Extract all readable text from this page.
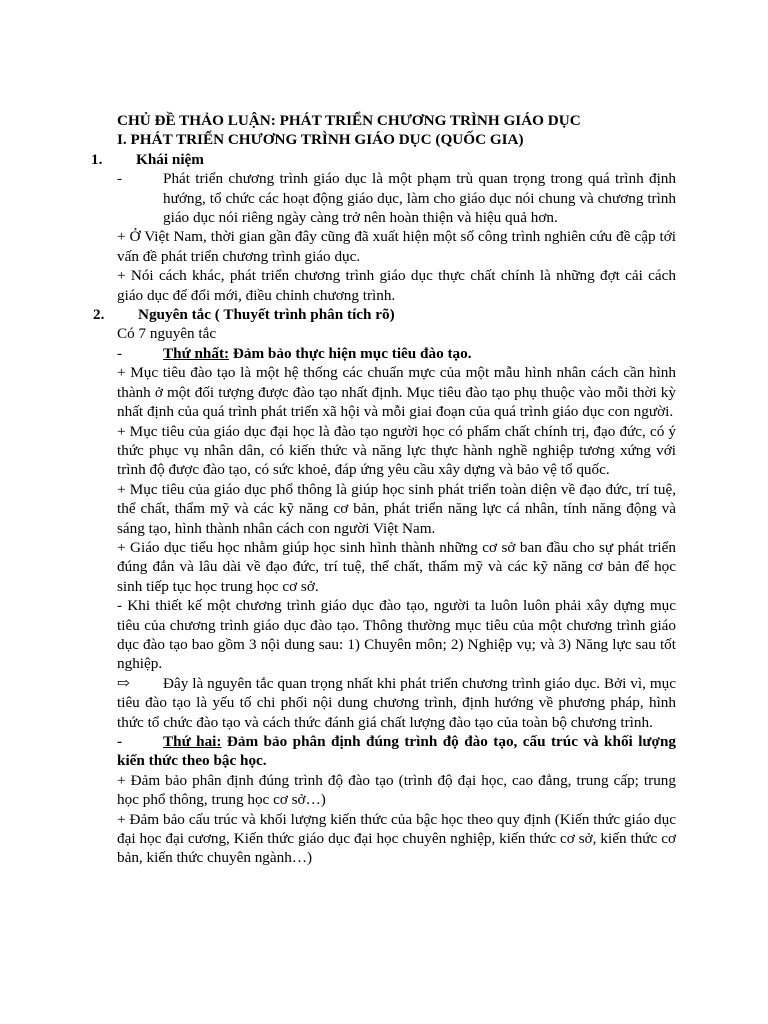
CHỦ ĐỀ THẢO LUẬN: PHÁT TRIỂN CHƯƠNG TRÌNH GIÁO DỤC

I. PHÁT TRIỂN CHƯƠNG TRÌNH GIÁO DỤC (QUỐC GIA)

1. Khái niệm

-	Phát triển chương trình giáo dục là một phạm trù quan trọng trong quá trình định hướng, tổ chức các hoạt động giáo dục, làm cho giáo dục nói chung và chương trình giáo dục nói riêng ngày càng trở nên hoàn thiện và hiệu quả hơn.

+ Ở Việt Nam, thời gian gần đây cũng đã xuất hiện một số công trình nghiên cứu đề cập tới vấn đề phát triển chương trình giáo dục.

+ Nói cách khác, phát triển chương trình giáo dục thực chất chính là những đợt cải cách giáo dục để đổi mới, điều chỉnh chương trình.

2. Nguyên tắc ( Thuyết trình phân tích rõ)

Có 7 nguyên tắc

-	Thứ nhất: Đảm bảo thực hiện mục tiêu đào tạo.

+ Mục tiêu đào tạo là một hệ thống các chuẩn mực của một mẫu hình nhân cách cần hình thành ở một đối tượng được đào tạo nhất định. Mục tiêu đào tạo phụ thuộc vào mỗi thời kỳ nhất định của quá trình phát triển xã hội và mỗi giai đoạn của quá trình giáo dục con người.

+ Mục tiêu của giáo dục đại học là đào tạo người học có phẩm chất chính trị, đạo đức, có ý thức phục vụ nhân dân, có kiến thức và năng lực thực hành nghề nghiệp tương xứng với trình độ được đào tạo, có sức khoẻ, đáp ứng yêu cầu xây dựng và bảo vệ tổ quốc.

+ Mục tiêu của giáo dục phổ thông là giúp học sinh phát triển toàn diện về đạo đức, trí tuệ, thể chất, thẩm mỹ và các kỹ năng cơ bản, phát triển năng lực cá nhân, tính năng động và sáng tạo, hình thành nhân cách con người Việt Nam.

+ Giáo dục tiểu học nhằm giúp học sinh hình thành những cơ sở ban đầu cho sự phát triển đúng đắn và lâu dài về đạo đức, trí tuệ, thể chất, thẩm mỹ và các kỹ năng cơ bản để học sinh tiếp tục học trung học cơ sở.

- Khi thiết kế một chương trình giáo dục đào tạo, người ta luôn luôn phải xây dựng mục tiêu của chương trình giáo dục đào tạo. Thông thường mục tiêu của một chương trình giáo dục đào tạo bao gồm 3 nội dung sau: 1) Chuyên môn; 2) Nghiệp vụ; và 3) Năng lực sau tốt nghiệp.

⇨ Đây là nguyên tắc quan trọng nhất khi phát triển chương trình giáo dục. Bởi vì, mục tiêu đào tạo là yếu tố chi phối nội dung chương trình, định hướng về phương pháp, hình thức tổ chức đào tạo và cách thức đánh giá chất lượng đào tạo của toàn bộ chương trình.
-	Thứ hai: Đảm bảo phân định đúng trình độ đào tạo, cấu trúc và khối lượng kiến thức theo bậc học.

+ Đảm bảo phân định đúng trình độ đào tạo (trình độ đại học, cao đẳng, trung cấp; trung học phổ thông, trung học cơ sở…)

+ Đảm bảo cấu trúc và khối lượng kiến thức của bậc học theo quy định (Kiến thức giáo dục đại học đại cương, Kiến thức giáo dục đại học chuyên nghiệp, kiến thức cơ sở, kiến thức cơ bản, kiến thức chuyên ngành…)
